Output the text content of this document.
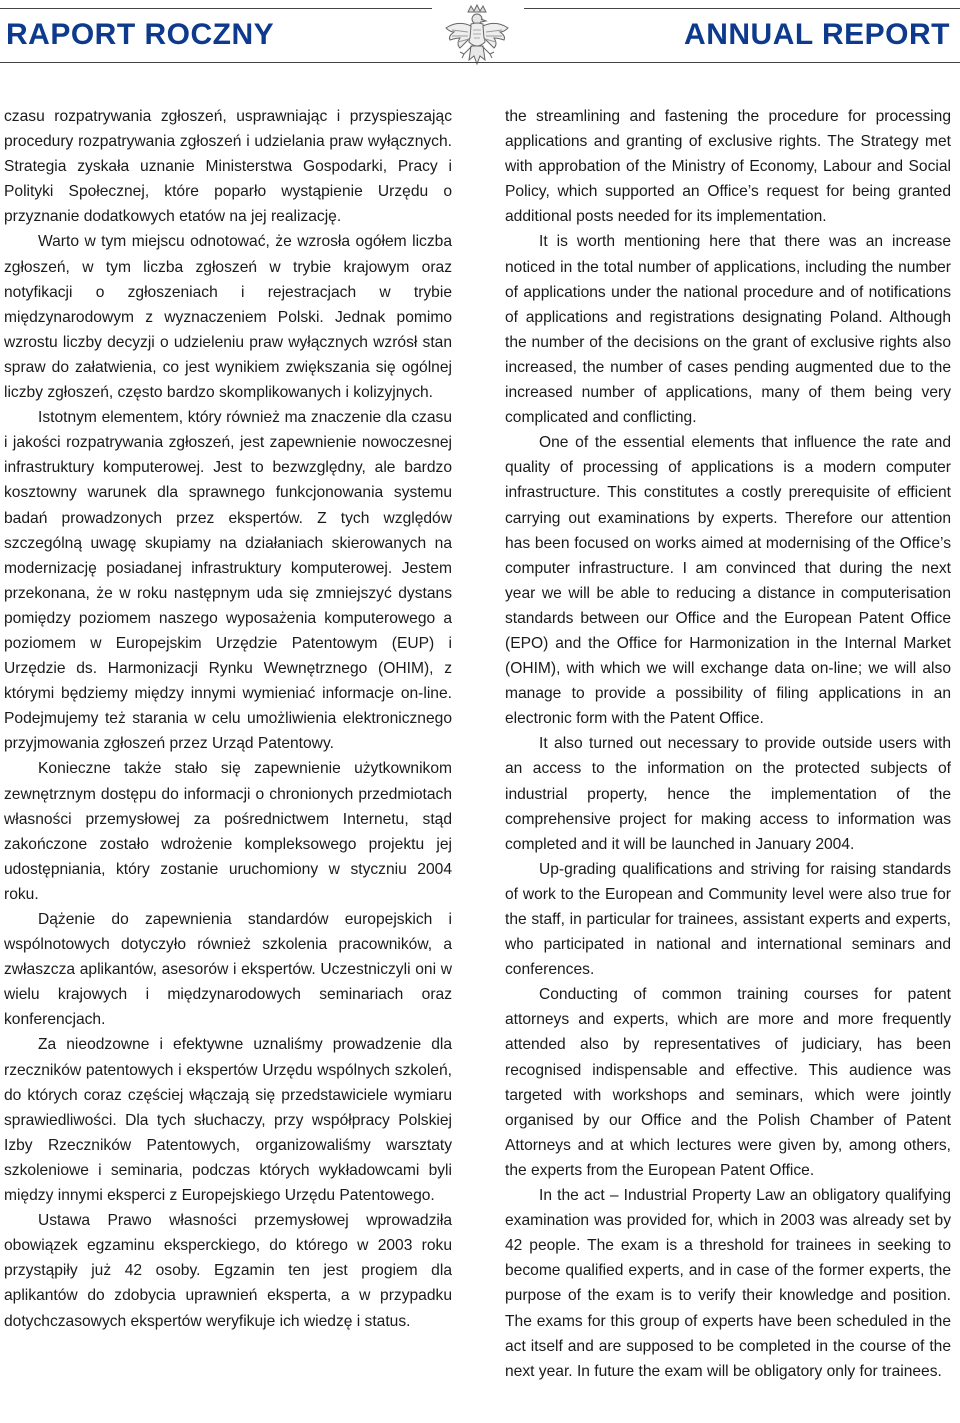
RAPORT ROCZNY	ANNUAL REPORT

czasu rozpatrywania zgłoszeń, usprawniając i przyspieszając procedury rozpatrywania zgłoszeń i udzielania praw wyłącznych. Strategia zyskała uznanie Ministerstwa Gospodarki, Pracy i Polityki Społecznej, które poparło wystąpienie Urzędu o przyznanie dodatkowych etatów na jej realizację.

Warto w tym miejscu odnotować, że wzrosła ogółem liczba zgłoszeń, w tym liczba zgłoszeń w trybie krajowym oraz notyfikacji o zgłoszeniach i rejestracjach w trybie międzynarodowym z wyznaczeniem Polski. Jednak pomimo wzrostu liczby decyzji o udzieleniu praw wyłącznych wzrósł stan spraw do załatwienia, co jest wynikiem zwiększania się ogólnej liczby zgłoszeń, często bardzo skomplikowanych i kolizyjnych.

Istotnym elementem, który również ma znaczenie dla czasu i jakości rozpatrywania zgłoszeń, jest zapewnienie nowoczesnej infrastruktury komputerowej. Jest to bezwzględny, ale bardzo kosztowny warunek dla sprawnego funkcjonowania systemu badań prowadzonych przez ekspertów. Z tych względów szczególną uwagę skupiamy na działaniach skierowanych na modernizację posiadanej infrastruktury komputerowej. Jestem przekonana, że w roku następnym uda się zmniejszyć dystans pomiędzy poziomem naszego wyposażenia komputerowego a poziomem w Europejskim Urzędzie Patentowym (EUP) i Urzędzie ds. Harmonizacji Rynku Wewnętrznego (OHIM), z którymi będziemy między innymi wymieniać informacje on-line. Podejmujemy też starania w celu umożliwienia elektronicznego przyjmowania zgłoszeń przez Urząd Patentowy.

Konieczne także stało się zapewnienie użytkownikom zewnętrznym dostępu do informacji o chronionych przedmiotach własności przemysłowej za pośrednictwem Internetu, stąd zakończone zostało wdrożenie kompleksowego projektu jej udostępniania, który zostanie uruchomiony w styczniu 2004 roku.

Dążenie do zapewnienia standardów europejskich i wspólnotowych dotyczyło również szkolenia pracowników, a zwłaszcza aplikantów, asesorów i ekspertów. Uczestniczyli oni w wielu krajowych i międzynarodowych seminariach oraz konferencjach.

Za nieodzowne i efektywne uznaliśmy prowadzenie dla rzeczników patentowych i ekspertów Urzędu wspólnych szkoleń, do których coraz częściej włączają się przedstawiciele wymiaru sprawiedliwości. Dla tych słuchaczy, przy współpracy Polskiej Izby Rzeczników Patentowych, organizowaliśmy warsztaty szkoleniowe i seminaria, podczas których wykładowcami byli między innymi eksperci z Europejskiego Urzędu Patentowego.

Ustawa Prawo własności przemysłowej wprowadziła obowiązek egzaminu eksperckiego, do którego w 2003 roku przystąpiły już 42 osoby. Egzamin ten jest progiem dla aplikantów do zdobycia uprawnień eksperta, a w przypadku dotychczasowych ekspertów weryfikuje ich wiedzę i status.

the streamlining and fastening the procedure for processing applications and granting of exclusive rights. The Strategy met with approbation of the Ministry of Economy, Labour and Social Policy, which supported an Office’s request for being granted additional posts needed for its implementation.

It is worth mentioning here that there was an increase noticed in the total number of applications, including the number of applications under the national procedure and of notifications of applications and registrations designating Poland. Although the number of the decisions on the grant of exclusive rights also increased, the number of cases pending augmented due to the increased number of applications, many of them being very complicated and conflicting.

One of the essential elements that influence the rate and quality of processing of applications is a modern computer infrastructure. This constitutes a costly prerequisite of efficient carrying out examinations by experts. Therefore our attention has been focused on works aimed at modernising of the Office’s computer infrastructure. I am convinced that during the next year we will be able to reducing a distance in computerisation standards between our Office and the European Patent Office (EPO) and the Office for Harmonization in the Internal Market (OHIM), with which we will exchange data on-line; we will also manage to provide a possibility of filing applications in an electronic form with the Patent Office.

It also turned out necessary to provide outside users with an access to the information on the protected subjects of industrial property, hence the implementation of the comprehensive project for making access to information was completed and it will be launched in January 2004.

Up-grading qualifications and striving for raising standards of work to the European and Community level were also true for the staff, in particular for trainees, assistant experts and experts, who participated in national and international seminars and conferences.

Conducting of common training courses for patent attorneys and experts, which are more and more frequently attended also by representatives of judiciary, has been recognised indispensable and effective. This audience was targeted with workshops and seminars, which were jointly organised by our Office and the Polish Chamber of Patent Attorneys and at which lectures were given by, among others, the experts from the European Patent Office.

In the act – Industrial Property Law an obligatory qualifying examination was provided for, which in 2003 was already set by 42 people. The exam is a threshold for trainees in seeking to become qualified experts, and in case of the former experts, the purpose of the exam is to verify their knowledge and position. The exams for this group of experts have been scheduled in the act itself and are supposed to be completed in the course of the next year. In future the exam will be obligatory only for trainees.
